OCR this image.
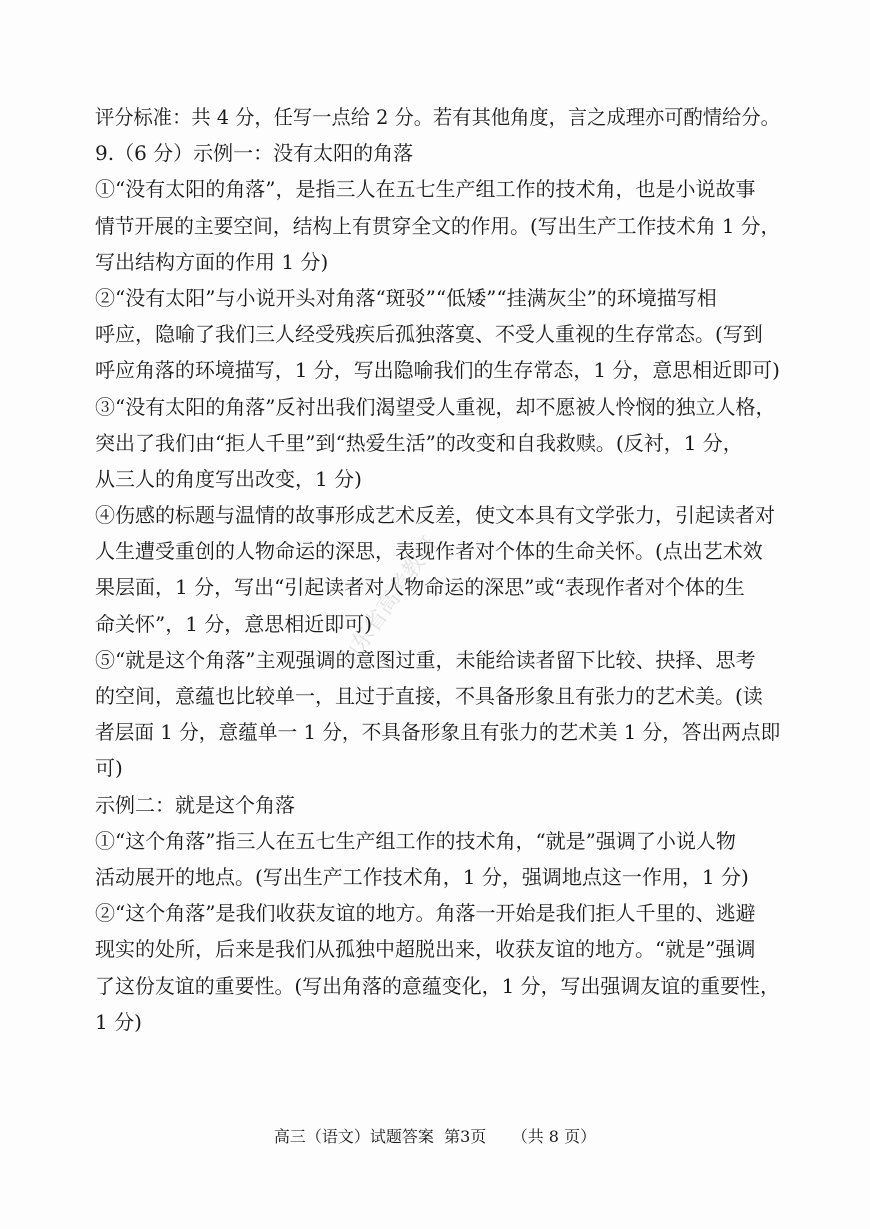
评分标准：共 4 分，任写一点给 2 分。若有其他角度，言之成理亦可酌情给分。
9.（6 分）示例一：没有太阳的角落
①“没有太阳的角落”，是指三人在五七生产组工作的技术角，也是小说故事
情节开展的主要空间，结构上有贯穿全文的作用。(写出生产工作技术角 1 分，
写出结构方面的作用 1 分)
②“没有太阳”与小说开头对角落“斑驳”“低矮”“挂满灰尘”的环境描写相
呼应，隐喻了我们三人经受残疾后孤独落寞、不受人重视的生存常态。(写到
呼应角落的环境描写，1 分，写出隐喻我们的生存常态，1 分，意思相近即可)
③“没有太阳的角落”反衬出我们渴望受人重视，却不愿被人怜悯的独立人格，
突出了我们由“拒人千里”到“热爱生活”的改变和自我救赎。(反衬，1 分，
从三人的角度写出改变，1 分)
④伤感的标题与温情的故事形成艺术反差，使文本具有文学张力，引起读者对
人生遭受重创的人物命运的深思，表现作者对个体的生命关怀。(点出艺术效
果层面，1 分，写出“引起读者对人物命运的深思”或“表现作者对个体的生
命关怀”，1 分，意思相近即可)
⑤“就是这个角落”主观强调的意图过重，未能给读者留下比较、抉择、思考
的空间，意蕴也比较单一，且过于直接，不具备形象且有张力的艺术美。(读
者层面 1 分，意蕴单一 1 分，不具备形象且有张力的艺术美 1 分，答出两点即
可)
示例二：就是这个角落
①“这个角落”指三人在五七生产组工作的技术角，“就是”强调了小说人物
活动展开的地点。(写出生产工作技术角，1 分，强调地点这一作用，1 分)
②“这个角落”是我们收获友谊的地方。角落一开始是我们拒人千里的、逃避
现实的处所，后来是我们从孤独中超脱出来，收获友谊的地方。“就是”强调
了这份友谊的重要性。(写出角落的意蕴变化，1 分，写出强调友谊的重要性，
1 分)
山东省高考教研
高三（语文）试题答案 第3页 （共 8 页）
